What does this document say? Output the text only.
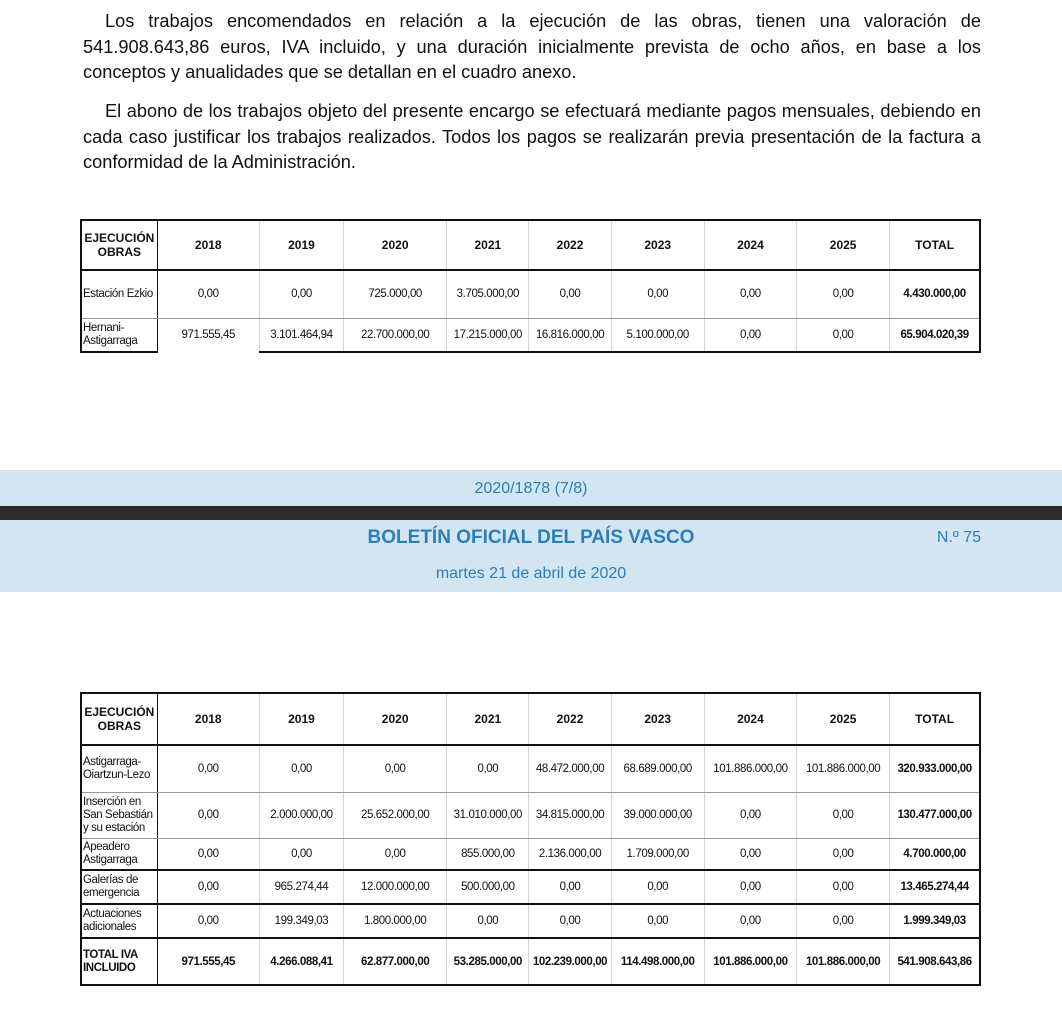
Los trabajos encomendados en relación a la ejecución de las obras, tienen una valoración de 541.908.643,86 euros, IVA incluido, y una duración inicialmente prevista de ocho años, en base a los conceptos y anualidades que se detallan en el cuadro anexo.

El abono de los trabajos objeto del presente encargo se efectuará mediante pagos mensuales, debiendo en cada caso justificar los trabajos realizados. Todos los pagos se realizarán previa presentación de la factura a conformidad de la Administración.

EJECUCIÓN OBRAS	2018	2019	2020	2021	2022	2023	2024	2025	TOTAL
Estación Ezkio	0,00	0,00	725.000,00	3.705.000,00	0,00	0,00	0,00	0,00	4.430.000,00
Hernani-Astigarraga	971.555,45	3.101.464,94	22.700.000,00	17.215.000,00	16.816.000,00	5.100.000,00	0,00	0,00	65.904.020,39
2020/1878 (7/8)
BOLETÍN OFICIAL DEL PAÍS VASCO	N.º 75
martes 21 de abril de 2020
EJECUCIÓN OBRAS	2018	2019	2020	2021	2022	2023	2024	2025	TOTAL
Astigarraga-Oiartzun-Lezo	0,00	0,00	0,00	0,00	48.472.000,00	68.689.000,00	101.886.000,00	101.886.000,00	320.933.000,00
Inserción en San Sebastián y su estación	0,00	2.000.000,00	25.652.000,00	31.010.000,00	34.815.000,00	39.000.000,00	0,00	0,00	130.477.000,00
Apeadero Astigarraga	0,00	0,00	0,00	855.000,00	2.136.000,00	1.709.000,00	0,00	0,00	4.700.000,00
Galerías de emergencia	0,00	965.274,44	12.000.000,00	500.000,00	0,00	0,00	0,00	0,00	13.465.274,44
Actuaciones adicionales	0,00	199.349,03	1.800.000,00	0,00	0,00	0,00	0,00	0,00	1.999.349,03
TOTAL IVA INCLUIDO	971.555,45	4.266.088,41	62.877.000,00	53.285.000,00	102.239.000,00	114.498.000,00	101.886.000,00	101.886.000,00	541.908.643,86
